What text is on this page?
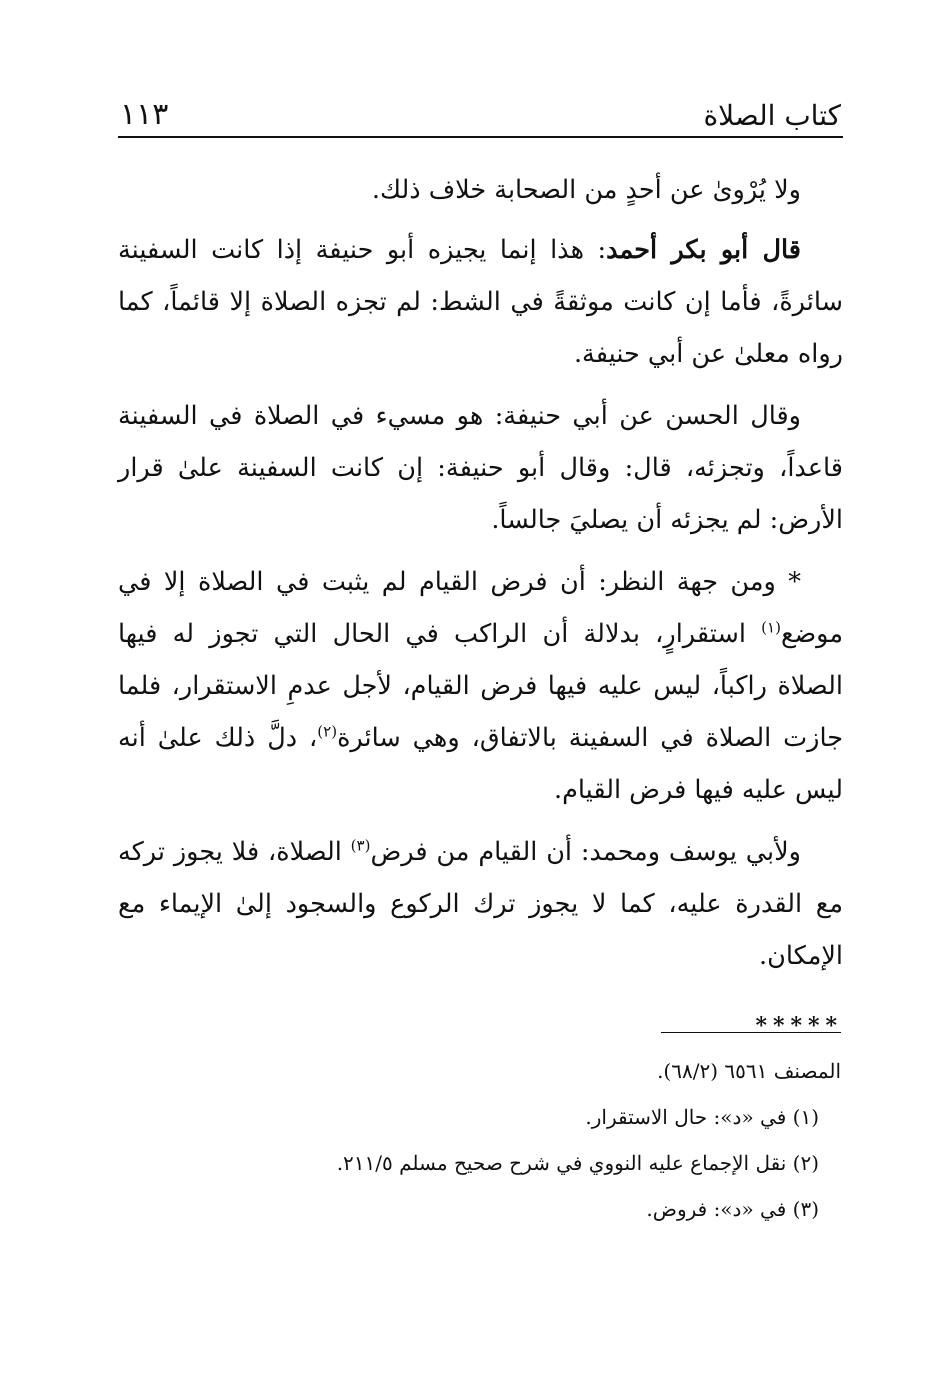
كتاب الصلاة
١١٣

ولا يُرْوىٰ عن أحدٍ من الصحابة خلاف ذلك.

قال أبو بكر أحمد: هذا إنما يجيزه أبو حنيفة إذا كانت السفينة سائرةً، فأما إن كانت موثقةً في الشط: لم تجزه الصلاة إلا قائماً، كما رواه معلىٰ عن أبي حنيفة.

وقال الحسن عن أبي حنيفة: هو مسيء في الصلاة في السفينة قاعداً، وتجزئه، قال: وقال أبو حنيفة: إن كانت السفينة علىٰ قرار الأرض: لم يجزئه أن يصليَ جالساً.

* ومن جهة النظر: أن فرض القيام لم يثبت في الصلاة إلا في موضع$^{(١)}$ استقرارٍ، بدلالة أن الراكب في الحال التي تجوز له فيها الصلاة راكباً، ليس عليه فيها فرض القيام، لأجل عدمِ الاستقرار، فلما جازت الصلاة في السفينة بالاتفاق، وهي سائرة$^{(٢)}$، دلَّ ذلك علىٰ أنه ليس عليه فيها فرض القيام.

ولأبي يوسف ومحمد: أن القيام من فرض$^{(٣)}$ الصلاة، فلا يجوز تركه مع القدرة عليه، كما لا يجوز ترك الركوع والسجود إلىٰ الإيماء مع الإمكان.

*****

المصنف ٦٥٦١ (٦٨/٢).

(١) في «د»: حال الاستقرار.

(٢) نقل الإجماع عليه النووي في شرح صحيح مسلم ٢١١/٥.

(٣) في «د»: فروض.
